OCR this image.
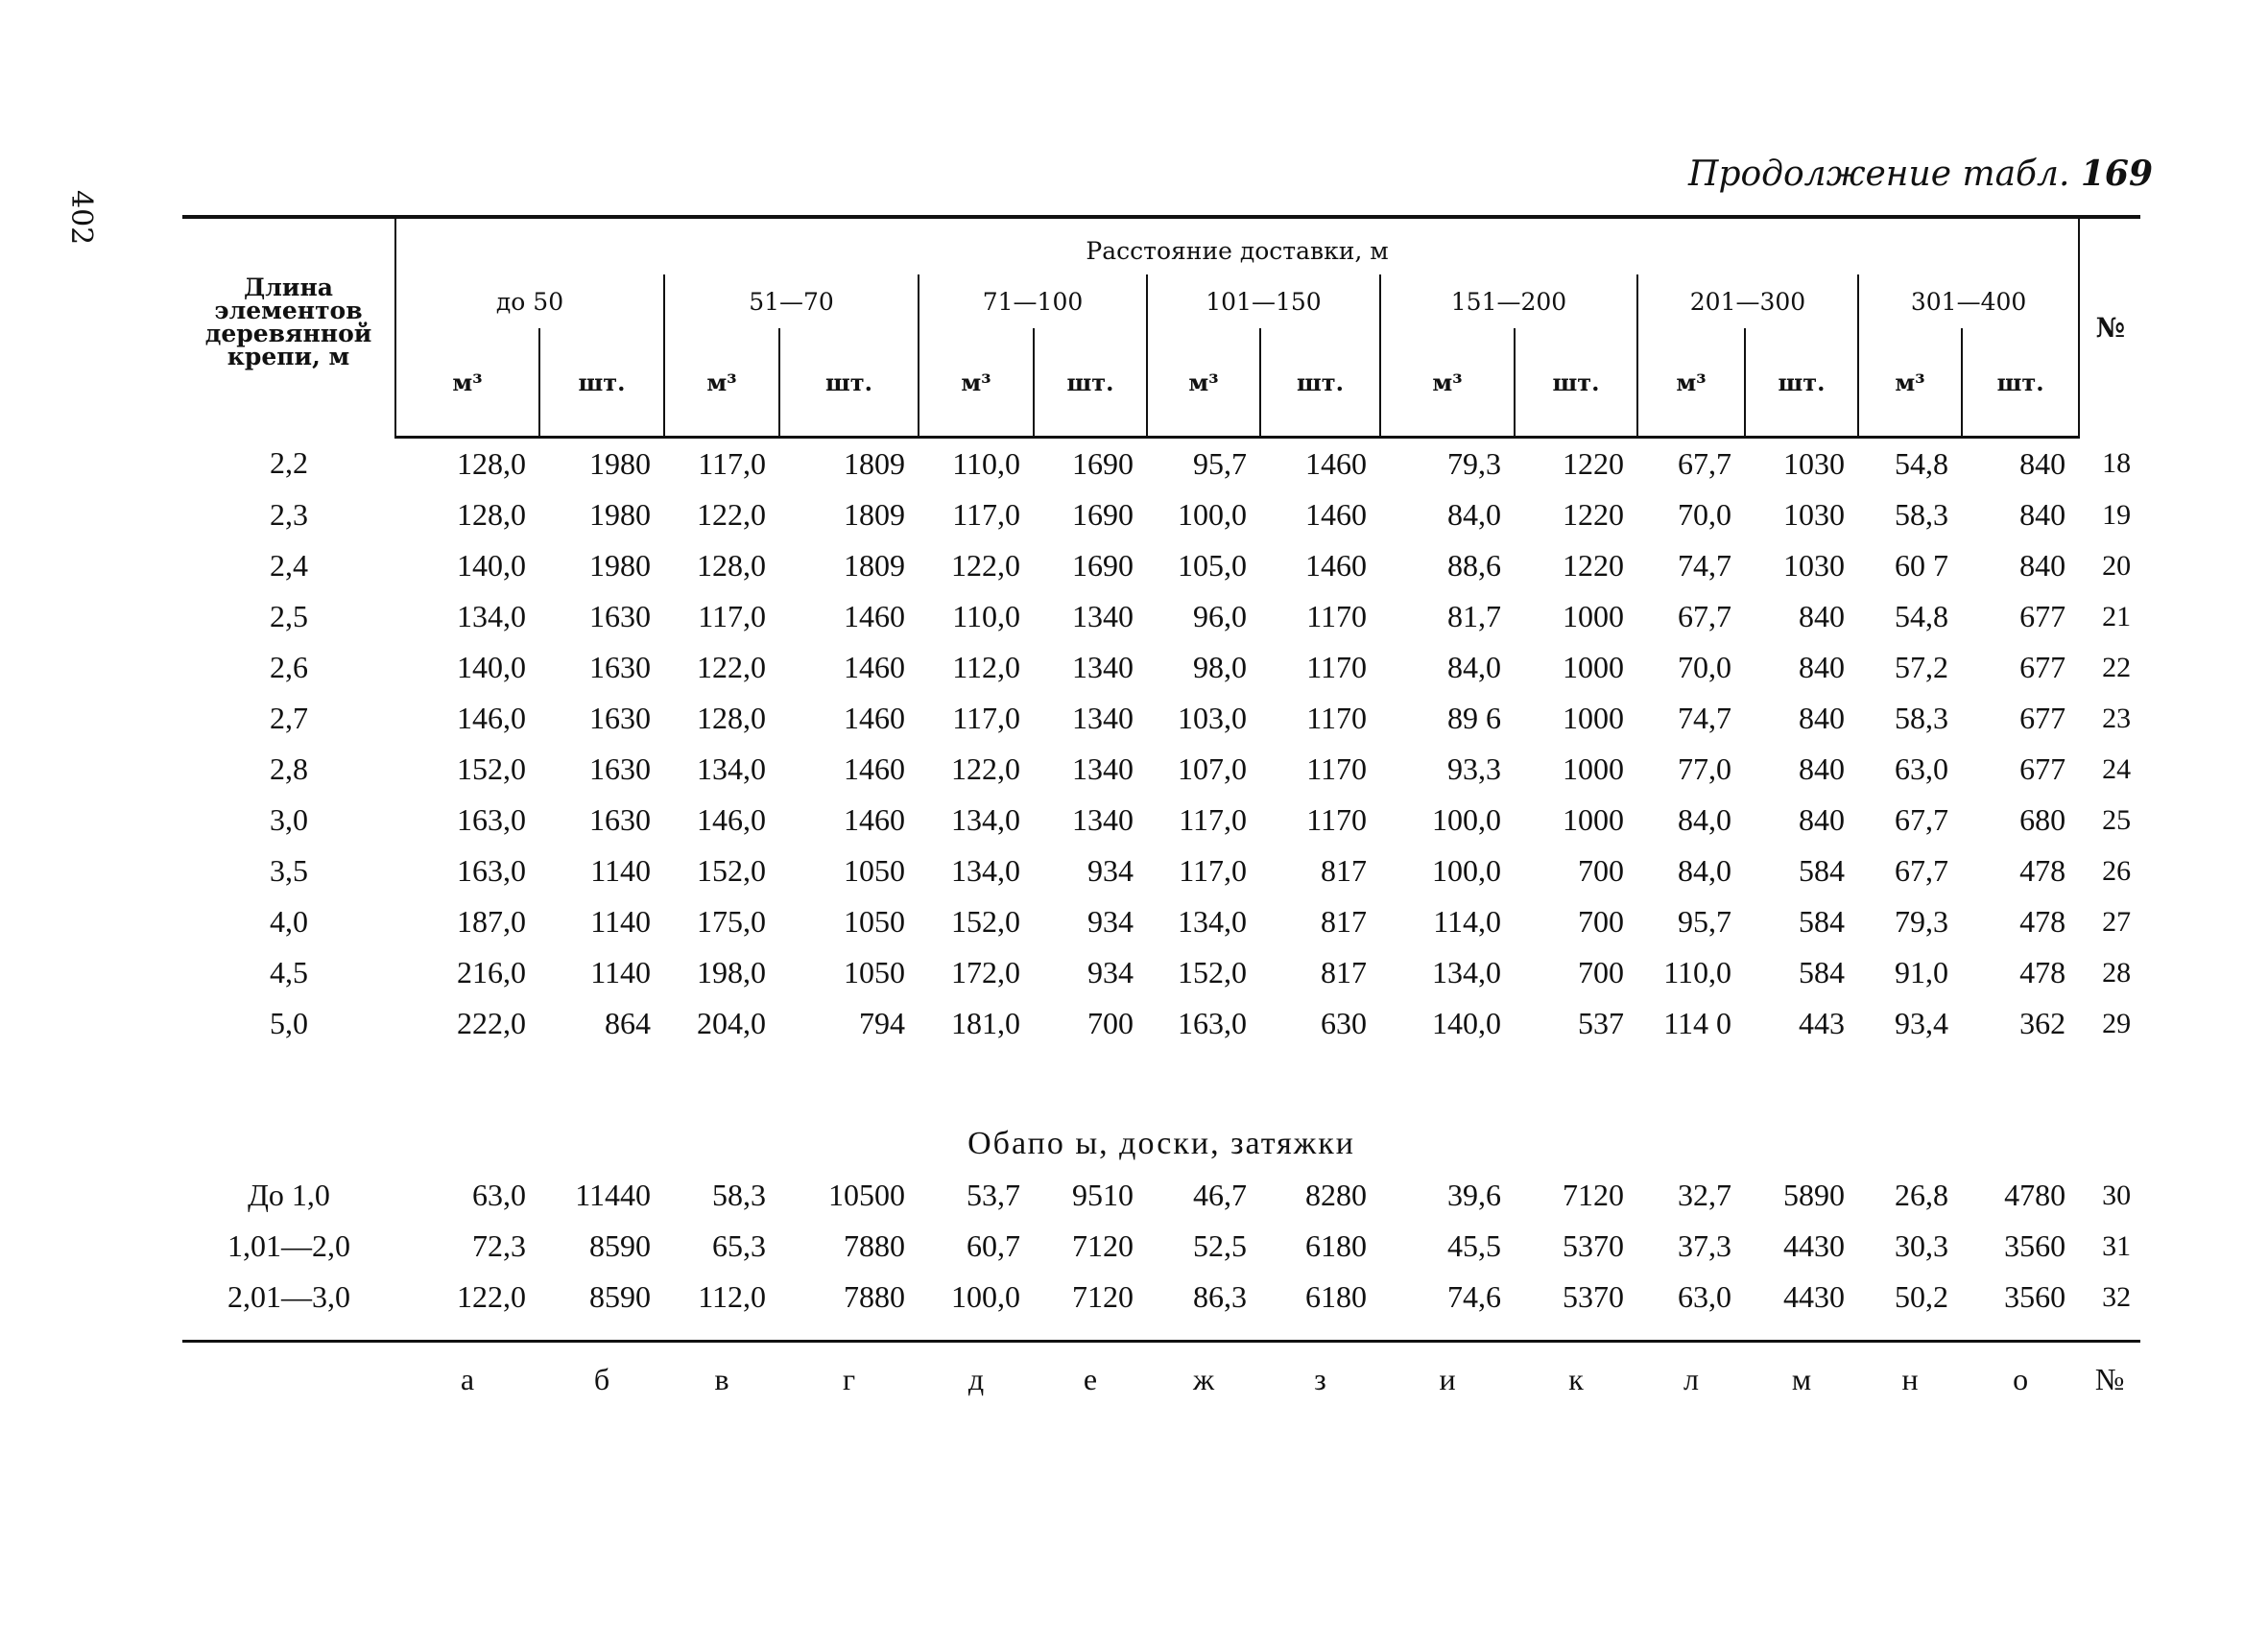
402
Продолжение табл. 169
Длина элементов деревянной крепи, м	Расстояние доставки, м														№
	до 50		51—70		71—100		101—150		151—200		201—300		301—400		
	м³	шт.	м³	шт.	м³	шт.	м³	шт.	м³	шт.	м³	шт.	м³	шт.	
2,2	128,0	1980	117,0	1809	110,0	1690	95,7	1460	79,3	1220	67,7	1030	54,8	840	18
2,3	128,0	1980	122,0	1809	117,0	1690	100,0	1460	84,0	1220	70,0	1030	58,3	840	19
2,4	140,0	1980	128,0	1809	122,0	1690	105,0	1460	88,6	1220	74,7	1030	60 7	840	20
2,5	134,0	1630	117,0	1460	110,0	1340	96,0	1170	81,7	1000	67,7	840	54,8	677	21
2,6	140,0	1630	122,0	1460	112,0	1340	98,0	1170	84,0	1000	70,0	840	57,2	677	22
2,7	146,0	1630	128,0	1460	117,0	1340	103,0	1170	89 6	1000	74,7	840	58,3	677	23
2,8	152,0	1630	134,0	1460	122,0	1340	107,0	1170	93,3	1000	77,0	840	63,0	677	24
3,0	163,0	1630	146,0	1460	134,0	1340	117,0	1170	100,0	1000	84,0	840	67,7	680	25
3,5	163,0	1140	152,0	1050	134,0	934	117,0	817	100,0	700	84,0	584	67,7	478	26
4,0	187,0	1140	175,0	1050	152,0	934	134,0	817	114,0	700	95,7	584	79,3	478	27
4,5	216,0	1140	198,0	1050	172,0	934	152,0	817	134,0	700	110,0	584	91,0	478	28
5,0	222,0	864	204,0	794	181,0	700	163,0	630	140,0	537	114 0	443	93,4	362	29
Обапо ы, доски, затяжки															
До 1,0	63,0	11440	58,3	10500	53,7	9510	46,7	8280	39,6	7120	32,7	5890	26,8	4780	30
1,01—2,0	72,3	8590	65,3	7880	60,7	7120	52,5	6180	45,5	5370	37,3	4430	30,3	3560	31
2,01—3,0	122,0	8590	112,0	7880	100,0	7120	86,3	6180	74,6	5370	63,0	4430	50,2	3560	32

	а	б	в	г	д	е	ж	з	и	к	л	м	н	о	№
